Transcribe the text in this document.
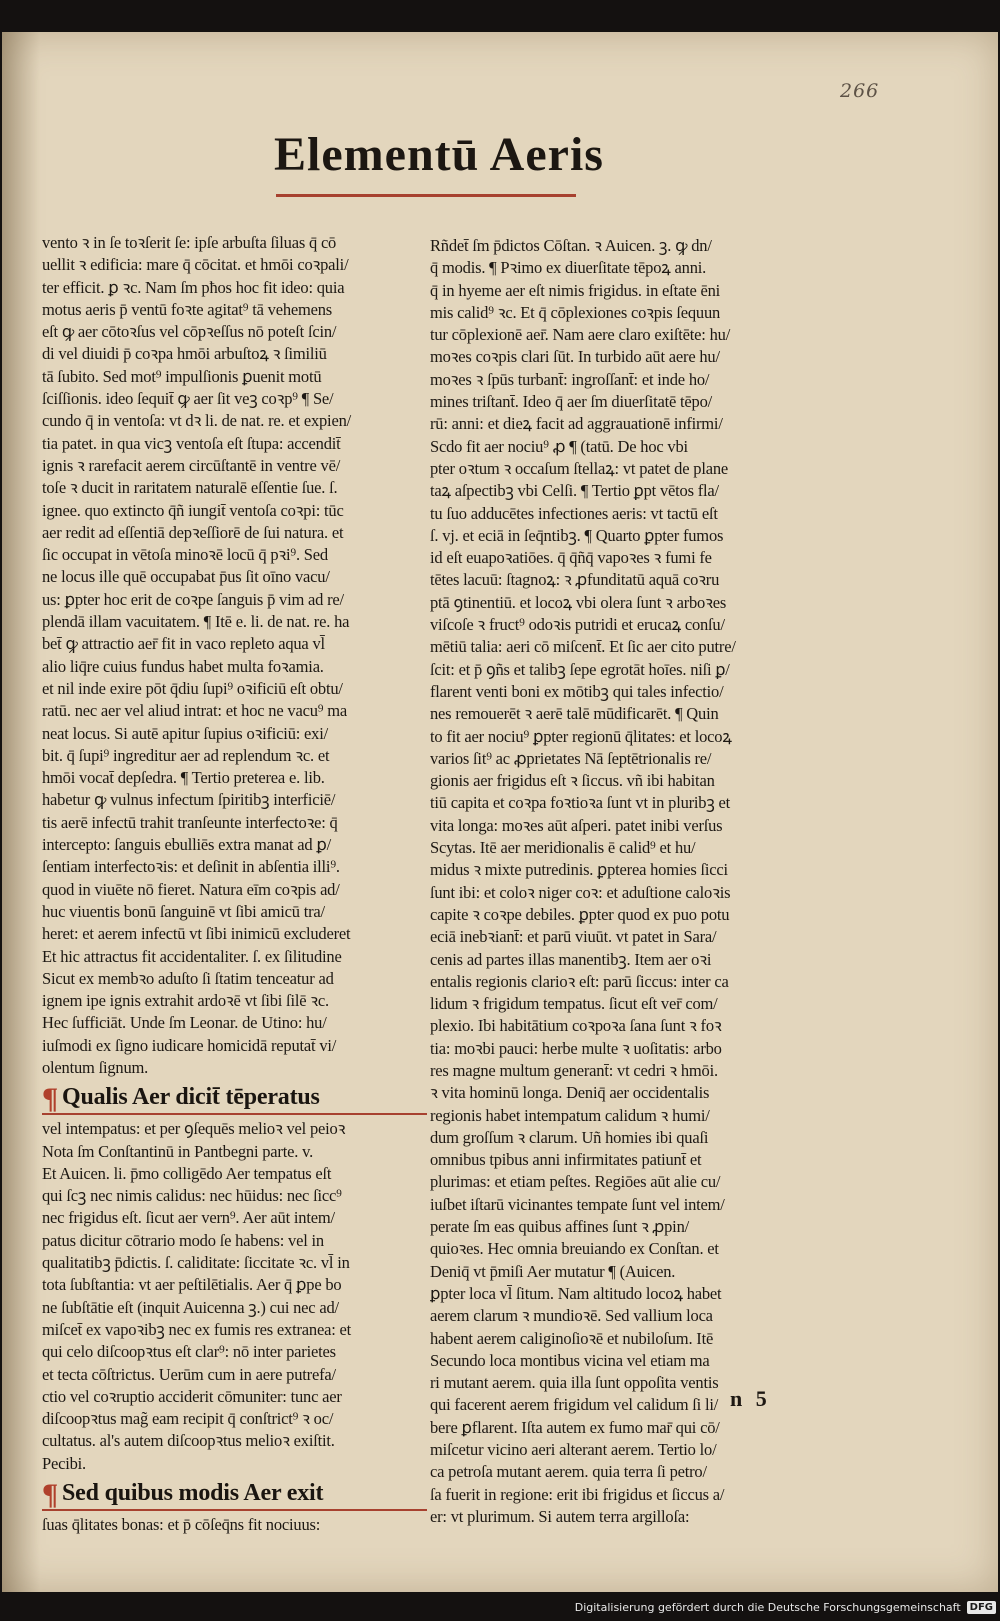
266
Elementū Aeris
vento ꝛ in ſe toꝛſerit ſe: ipſe arbuſta ſiluas q̄ cō
uellit ꝛ edificia: mare q̄ cōcitat. et hmōi coꝛpali/
ter efficit. ꝑ ꝛc. Nam ſm pħos hoc fit ideo: quia
motus aeris p̄ ventū foꝛte agitat⁹ tā vehemens
eſt ꝙ aer cōtoꝛſus vel cōpꝛeſſus nō poteſt ſcin/
di vel diuidi p̄ coꝛpa hmōi arbuſtoꝝ ꝛ ſimiliū
tā ſubito. Sed mot⁹ impulſionis ꝑuenit motū
ſciſſionis. ideo ſequit̄ ꝙ aer ſit veꝫ coꝛp⁹ ¶ Se/
cundo q̄ in ventoſa: vt dꝛ li. de nat. re. et expien/
tia patet. in qua vicꝫ ventoſa eſt ſtupa: accendit̄
ignis ꝛ rarefacit aerem circūſtantē in ventre vē/
toſe ꝛ ducit in raritatem naturalē eſſentie ſue. ſ.
ignee. quo extincto q̄ñ iungit̄ ventoſa coꝛpi: tūc
aer redit ad eſſentiā depꝛeſſiorē de ſui natura. et
ſic occupat in vētoſa minoꝛē locū q̄ pꝛi⁹. Sed
ne locus ille quē occupabat p̄us ſit oīno vacu/
us: ꝑpter hoc erit de coꝛpe ſanguis p̄ vim ad re/
plendā illam vacuitatem. ¶ Itē e. li. de nat. re. ha
bet̄ ꝙ attractio aer̄ fit in vaco repleto aqua vl̄
alio liq̄re cuius fundus habet multa foꝛamia.
et nil inde exire pōt q̄diu ſupi⁹ oꝛificiū eſt obtu/
ratū. nec aer vel aliud intrat: et hoc ne vacu⁹ ma
neat locus. Si autē apitur ſupius oꝛificiū: exi/
bit. q̄ ſupi⁹ ingreditur aer ad replendum ꝛc. et
hmōi vocat̄ depſedra. ¶ Tertio preterea e. lib.
habetur ꝙ vulnus infectum ſpiritibꝫ interficiē/
tis aerē infectū trahit tranſeunte interfectoꝛe: q̄
intercepto: ſanguis ebulliēs extra manat ad ꝑ/
ſentiam interfectoꝛis: et deſinit in abſentia illi⁹.
quod in viuēte nō fieret. Natura eīm coꝛpis ad/
huc viuentis bonū ſanguinē vt ſibi amicū tra/
heret: et aerem infectū vt ſibi inimicū excluderet
Et hic attractus fit accidentaliter. ſ. ex ſilitudine
Sicut ex membꝛo aduſto ſi ſtatim tenceatur ad
ignem ipe ignis extrahit ardoꝛē vt ſibi ſilē ꝛc.
Hec ſufficiāt. Unde ſm Leonar. de Utino: hu/
iuſmodi ex ſigno iudicare homicidā reputat̄ vi/
olentum ſignum.
¶ Qualis Aer dicit̄ tēperatus
vel intempatus: et per ꝯſequēs melioꝛ vel peioꝛ
Nota ſm Conſtantinū in Pantbegni parte. v.
Et Auicen. li. p̄mo colligēdo Aer tempatus eſt
qui ſcꝫ nec nimis calidus: nec hūidus: nec ſicc⁹
nec frigidus eſt. ſicut aer vern⁹. Aer aūt intem/
patus dicitur cōtrario modo ſe habens: vel in
qualitatibꝫ p̄dictis. ſ. caliditate: ſiccitate ꝛc. vl̄ in
tota ſubſtantia: vt aer peſtilētialis. Aer q̄ ꝑpe bo
ne ſubſtātie eſt (inquit Auicenna ꝫ.) cui nec ad/
miſcet̄ ex vapoꝛibꝫ nec ex fumis res extranea: et
qui celo diſcoopꝛtus eſt clar⁹: nō inter parietes
et tecta cōſtrictus. Uerūm cum in aere putrefa/
ctio vel coꝛruptio acciderit cōmuniter: tunc aer
diſcoopꝛtus mag̃ eam recipit q̄ conſtrict⁹ ꝛ oc/
cultatus. al's autem diſcoopꝛtus melioꝛ exiſtit.
Pecibi.
¶ Sed quibus modis Aer exit
ſuas q̄litates bonas: et p̄ cōſeq̄ns fit nociuus:
Rñdet̄ ſm p̄dictos Cōſtan. ꝛ Auicen. ꝫ. ꝙ dn/
q̄ modis. ¶ Pꝛimo ex diuerſitate tēpoꝝ anni.
q̄ in hyeme aer eſt nimis frigidus. in eſtate ēni
mis calid⁹ ꝛc. Et q̄ cōplexiones coꝛpis ſequun
tur cōplexionē aer̄. Nam aere claro exiſtēte: hu/
moꝛes coꝛpis clari ſūt. In turbido aūt aere hu/
moꝛes ꝛ ſpūs turbant̄: ingroſſant̄: et inde ho/
mines triſtant̄. Ideo q̄ aer ſm diuerſitatē tēpo/
rū: anni: et dieꝝ facit ad aggrauationē infirmi/
Scdo fit aer nociu⁹ ꝓ ¶ (tatū. De hoc vbi
pter oꝛtum ꝛ occaſum ſtellaꝝ: vt patet de plane
taꝝ aſpectibꝫ vbi Celſi. ¶ Tertio ꝑpt vētos fla/
tu ſuo adducētes infectiones aeris: vt tactū eſt
ſ. vj. et eciā in ſeq̄ntibꝫ. ¶ Quarto ꝑpter fumos
id eſt euapoꝛatiōes. q̄ q̄ñq̄ vapoꝛes ꝛ fumi fe
tētes lacuū: ſtagnoꝝ: ꝛ ꝓfunditatū aquā coꝛru
ptā ꝯtinentiū. et locoꝝ vbi olera ſunt ꝛ arboꝛes
viſcoſe ꝛ fruct⁹ odoꝛis putridi et erucaꝝ conſu/
mētiū talia: aeri cō miſcent̄. Et ſic aer cito putre/
ſcit: et p̄ ꝯñs et talibꝫ ſepe egrotāt hoīes. niſi ꝑ/
flarent venti boni ex mōtibꝫ qui tales infectio/
nes remouerēt ꝛ aerē talē mūdificarēt. ¶ Quin
to fit aer nociu⁹ ꝑpter regionū q̄litates: et locoꝝ
varios ſit⁹ ac ꝓprietates Nā ſeptētrionalis re/
gionis aer frigidus eſt ꝛ ſiccus. vñ ibi habitan
tiū capita et coꝛpa foꝛtioꝛa ſunt vt in pluribꝫ et
vita longa: moꝛes aūt aſperi. patet inibi verſus
Scytas. Itē aer meridionalis ē calid⁹ et hu/
midus ꝛ mixte putredinis. ꝑpterea homies ſicci
ſunt ibi: et coloꝛ niger coꝛ: et aduſtione caloꝛis
capite ꝛ coꝛpe debiles. ꝑpter quod ex puo potu
eciā inebꝛiant̄: et parū viuūt. vt patet in Sara/
cenis ad partes illas manentibꝫ. Item aer oꝛi
entalis regionis clarioꝛ eſt: parū ſiccus: inter ca
lidum ꝛ frigidum tempatus. ſicut eſt ver̄ com/
plexio. Ibi habitātium coꝛpoꝛa ſana ſunt ꝛ foꝛ
tia: moꝛbi pauci: herbe multe ꝛ uoſitatis: arbo
res magne multum generant̄: vt cedri ꝛ hmōi.
ꝛ vita hominū longa. Deniq̄ aer occidentalis
regionis habet intempatum calidum ꝛ humi/
dum groſſum ꝛ clarum. Uñ homies ibi quaſi
omnibus tpibus anni infirmitates patiunt̄ et
plurimas: et etiam peſtes. Regiōes aūt alie cu/
iuſbet iſtarū vicinantes tempate ſunt vel intem/
perate ſm eas quibus affines ſunt ꝛ ꝓpin/
quioꝛes. Hec omnia breuiando ex Conſtan. et
Deniq̄ vt p̄miſi Aer mutatur ¶ (Auicen.
ꝑpter loca vl̄ ſitum. Nam altitudo locoꝝ habet
aerem clarum ꝛ mundioꝛē. Sed vallium loca
habent aerem caliginoſioꝛē et nubiloſum. Itē
Secundo loca montibus vicina vel etiam ma
ri mutant aerem. quia illa ſunt oppoſita ventis
qui facerent aerem frigidum vel calidum ſi li/
bere ꝑflarent. Iſta autem ex fumo mar̄ qui cō/
miſcetur vicino aeri alterant aerem. Tertio lo/
ca petroſa mutant aerem. quia terra ſi petro/
ſa fuerit in regione: erit ibi frigidus et ſiccus a/
er: vt plurimum. Si autem terra argilloſa:
n 5
Digitalisierung gefördert durch die Deutsche Forschungsgemeinschaft DFG
